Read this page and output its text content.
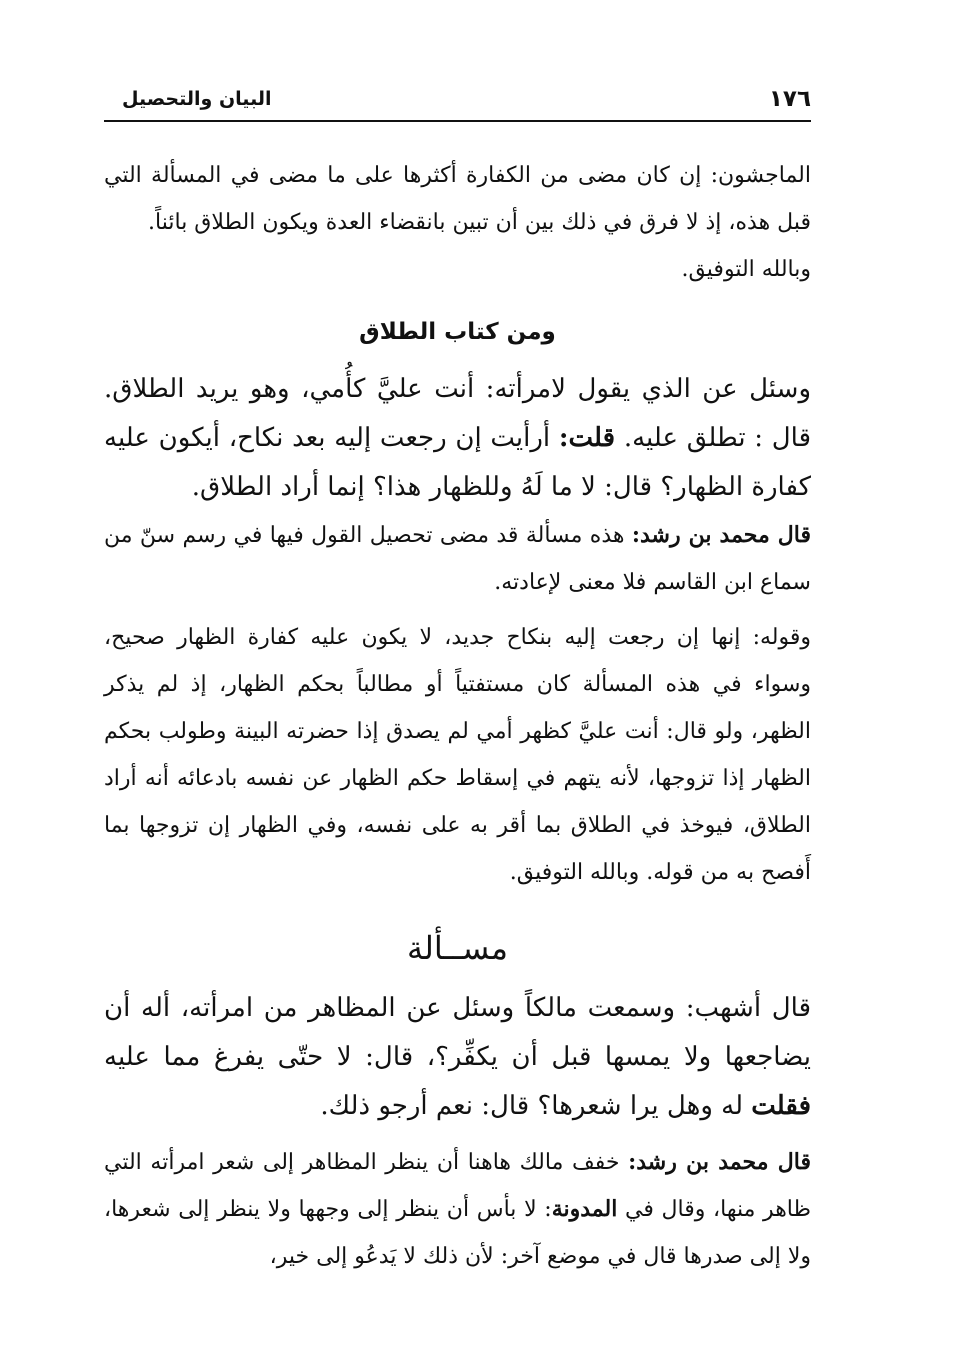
١٧٦
البيان والتحصيل

الماجشون: إن كان مضى من الكفارة أكثرها على ما مضى في المسألة التي قبل هذه، إذ لا فرق في ذلك بين أن تبين بانقضاء العدة ويكون الطلاق بائناً.

وبالله التوفيق.

ومن كتاب الطلاق

وسئل عن الذي يقول لامرأته: أنت عليَّ كأُمي، وهو يريد الطلاق. قال : تطلق عليه. قلت: أرأيت إن رجعت إليه بعد نكاح، أيكون عليه كفارة الظهار؟ قال: لا ما لَهُ وللظهار هذا؟ إنما أراد الطلاق.

قال محمد بن رشد: هذه مسألة قد مضى تحصيل القول فيها في رسم سنّ من سماع ابن القاسم فلا معنى لإعادته.

وقوله: إنها إن رجعت إليه بنكاح جديد، لا يكون عليه كفارة الظهار صحيح، وسواء في هذه المسألة كان مستفتياً أو مطالباً بحكم الظهار، إذ لم يذكر الظهر، ولو قال: أنت عليَّ كظهر أمي لم يصدق إذا حضرته البينة وطولب بحكم الظهار إذا تزوجها، لأنه يتهم في إسقاط حكم الظهار عن نفسه بادعائه أنه أراد الطلاق، فيوخذ في الطلاق بما أقر به على نفسه، وفي الظهار إن تزوجها بما أَفصح به من قوله. وبالله التوفيق.

مســألة

قال أشهب: وسمعت مالكاً وسئل عن المظاهر من امرأته، أله أن يضاجعها ولا يمسها قبل أن يكفِّر؟، قال: لا حتّى يفرغ مما عليه فقلت له وهل يرا شعرها؟ قال: نعم أرجو ذلك.

قال محمد بن رشد: خفف مالك هاهنا أن ينظر المظاهر إلى شعر امرأته التي ظاهر منها، وقال في المدونة: لا بأس أن ينظر إلى وجهها ولا ينظر إلى شعرها، ولا إلى صدرها قال في موضع آخر: لأن ذلك لا يَدعُو إلى خير،
